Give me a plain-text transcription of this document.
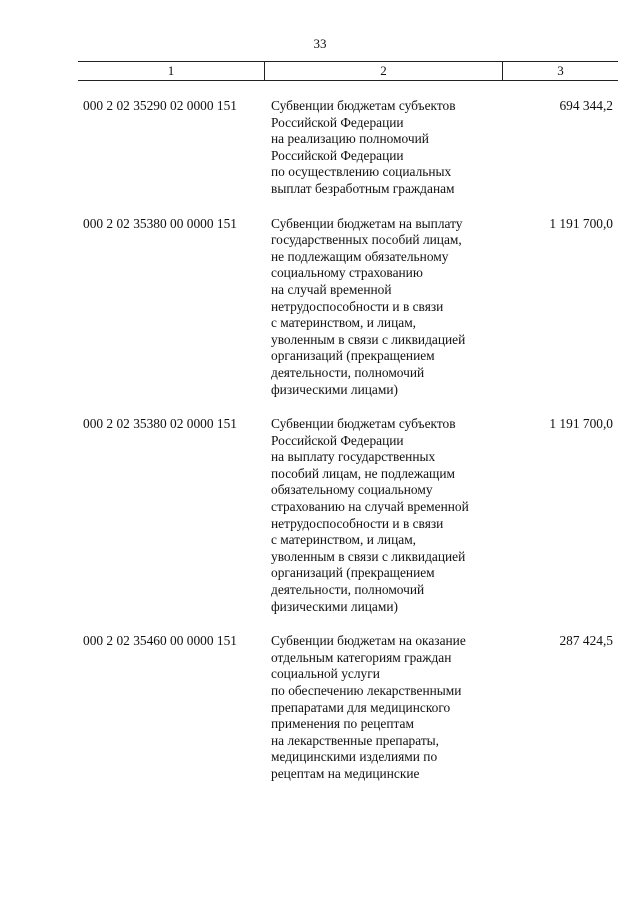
33
1	2	3
000 2 02 35290 02 0000 151	Субвенции бюджетам субъектов
Российской Федерации
на реализацию полномочий
Российской Федерации
по осуществлению социальных
выплат безработным гражданам
694 344,2
000 2 02 35380 00 0000 151	Субвенции бюджетам на выплату
государственных пособий лицам,
не подлежащим обязательному
социальному страхованию
на случай временной
нетрудоспособности и в связи
с материнством, и лицам,
уволенным в связи с ликвидацией
организаций (прекращением
деятельности, полномочий
физическими лицами)
1 191 700,0
000 2 02 35380 02 0000 151	Субвенции бюджетам субъектов
Российской Федерации
на выплату государственных
пособий лицам, не подлежащим
обязательному социальному
страхованию на случай временной
нетрудоспособности и в связи
с материнством, и лицам,
уволенным в связи с ликвидацией
организаций (прекращением
деятельности, полномочий
физическими лицами)
1 191 700,0
000 2 02 35460 00 0000 151	Субвенции бюджетам на оказание
отдельным категориям граждан
социальной услуги
по обеспечению лекарственными
препаратами для медицинского
применения по рецептам
на лекарственные препараты,
медицинскими изделиями по
рецептам на медицинские
287 424,5
